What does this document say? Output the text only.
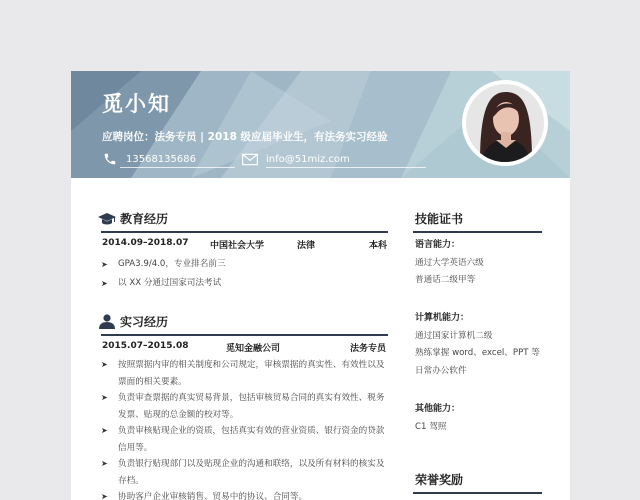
觅小知
应聘岗位：法务专员 | 2018 级应届毕业生，有法务实习经验
13568135686	info@51miz.com
教育经历
2014.09–2018.07 中国社会大学	法律	本科
➤ GPA3.9/4.0，专业排名前三
➤ 以 XX 分通过国家司法考试
实习经历
2015.07–2015.08	觅知金融公司	法务专员
➤ 按照票据内审的相关制度和公司规定，审核票据的真实性、有效性以及票面的相关要素。
➤ 负责审查票据的真实贸易背景，包括审核贸易合同的真实有效性、税务发票、贴现的总金额的校对等。
➤ 负责审核贴现企业的资质，包括真实有效的营业资质、银行资金的贷款信用等。
➤ 负责银行贴现部门以及贴现企业的沟通和联络，以及所有材料的核实及存档。
➤ 协助客户企业审核销售、贸易中的协议、合同等。
技能证书
语言能力：
通过大学英语六级
普通话二级甲等
计算机能力：
通过国家计算机二级
熟练掌握 word、excel、PPT 等
日常办公软件
其他能力：
C1 驾照
荣誉奖励
